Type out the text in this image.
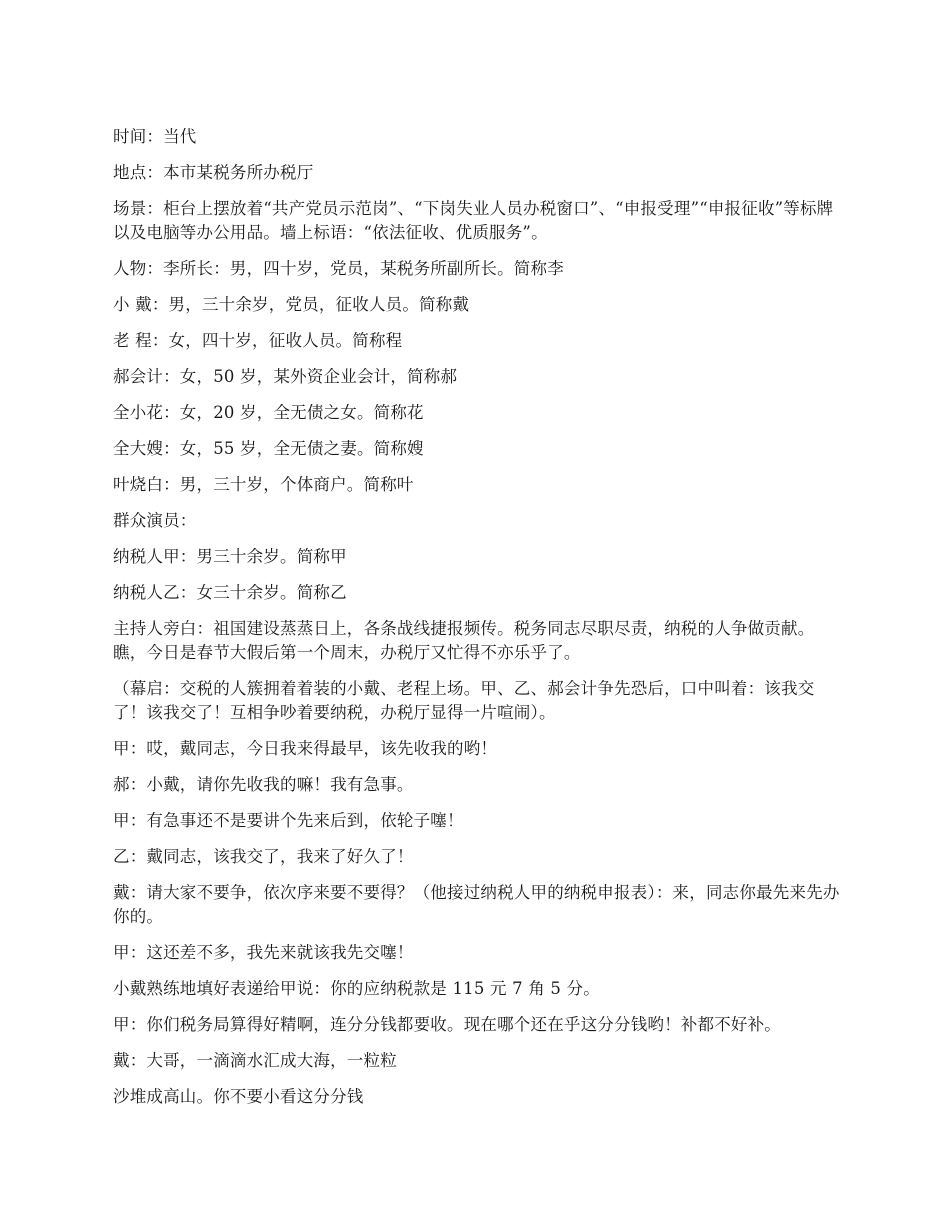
时间：当代

地点：本市某税务所办税厅

场景：柜台上摆放着“共产党员示范岗”、“下岗失业人员办税窗口”、“申报受理”“申报征收”等标牌以及电脑等办公用品。墙上标语：“依法征收、优质服务”。

人物：李所长：男，四十岁，党员，某税务所副所长。简称李

小 戴：男，三十余岁，党员，征收人员。简称戴

老 程：女，四十岁，征收人员。简称程

郝会计：女，50 岁，某外资企业会计，简称郝

全小花：女，20 岁，全无债之女。简称花

全大嫂：女，55 岁，全无债之妻。简称嫂

叶烧白：男，三十岁，个体商户。简称叶

群众演员：

纳税人甲：男三十余岁。简称甲

纳税人乙：女三十余岁。简称乙

主持人旁白：祖国建设蒸蒸日上，各条战线捷报频传。税务同志尽职尽责，纳税的人争做贡献。瞧，今日是春节大假后第一个周末，办税厅又忙得不亦乐乎了。

（幕启：交税的人簇拥着着装的小戴、老程上场。甲、乙、郝会计争先恐后，口中叫着：该我交了！该我交了！互相争吵着要纳税，办税厅显得一片喧闹）。

甲：哎，戴同志，今日我来得最早，该先收我的哟！

郝：小戴，请你先收我的嘛！我有急事。

甲：有急事还不是要讲个先来后到，依轮子噻！

乙：戴同志，该我交了，我来了好久了！

戴：请大家不要争，依次序来要不要得？（他接过纳税人甲的纳税申报表）：来，同志你最先来先办你的。

甲：这还差不多，我先来就该我先交噻！

小戴熟练地填好表递给甲说：你的应纳税款是 115 元 7 角 5 分。

甲：你们税务局算得好精啊，连分分钱都要收。现在哪个还在乎这分分钱哟！补都不好补。

戴：大哥，一滴滴水汇成大海，一粒粒

沙堆成高山。你不要小看这分分钱
